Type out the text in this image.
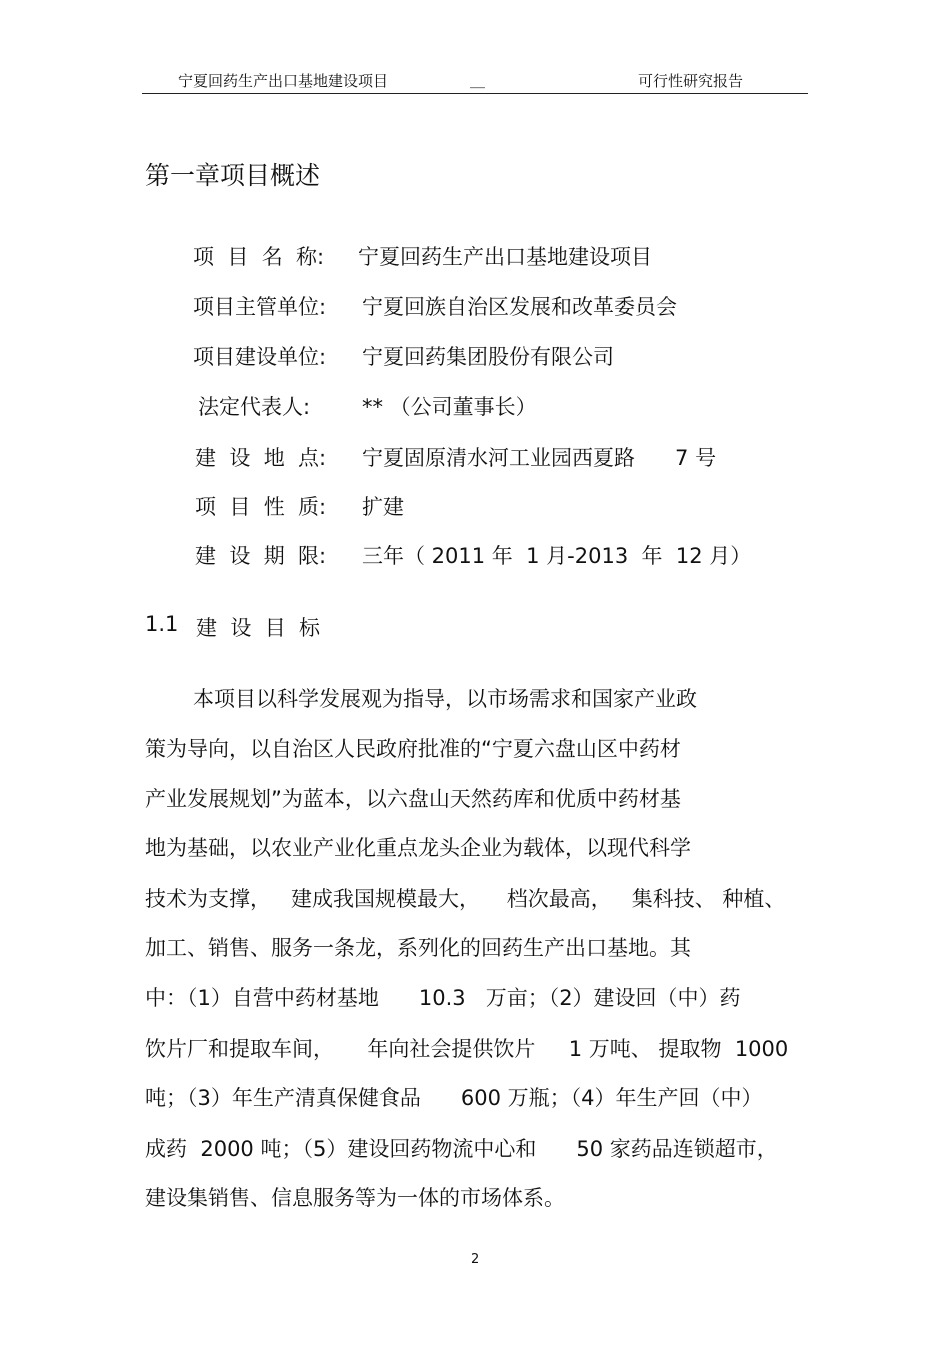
宁夏回药生产出口基地建设项目	＿	可行性研究报告
第一章项目概述
项  目  名  称: 宁夏回药生产出口基地建设项目
项目主管单位: 宁夏回族自治区发展和改革委员会
项目建设单位: 宁夏回药集团股份有限公司
法定代表人: ** （公司董事长）
建  设  地  点: 宁夏固原清水河工业园西夏路      7 号
项  目  性  质: 扩建
建  设  期  限: 三年（ 2011 年  1 月-2013  年  12 月）
1.1 建  设  目  标
本项目以科学发展观为指导，以市场需求和国家产业政
策为导向，以自治区人民政府批准的“宁夏六盘山区中药材
产业发展规划”为蓝本，以六盘山天然药库和优质中药材基
地为基础，以农业产业化重点龙头企业为载体，以现代科学
技术为支撑，   建成我国规模最大，    档次最高，   集科技、 种植、
加工、销售、服务一条龙，系列化的回药生产出口基地。其
中：（1）自营中药材基地      10.3   万亩；（2）建设回（中）药
饮片厂和提取车间，     年向社会提供饮片     1 万吨、 提取物  1000
吨；（3）年生产清真保健食品      600 万瓶；（4）年生产回（中）
成药  2000 吨；（5）建设回药物流中心和      50 家药品连锁超市，
建设集销售、信息服务等为一体的市场体系。
2
